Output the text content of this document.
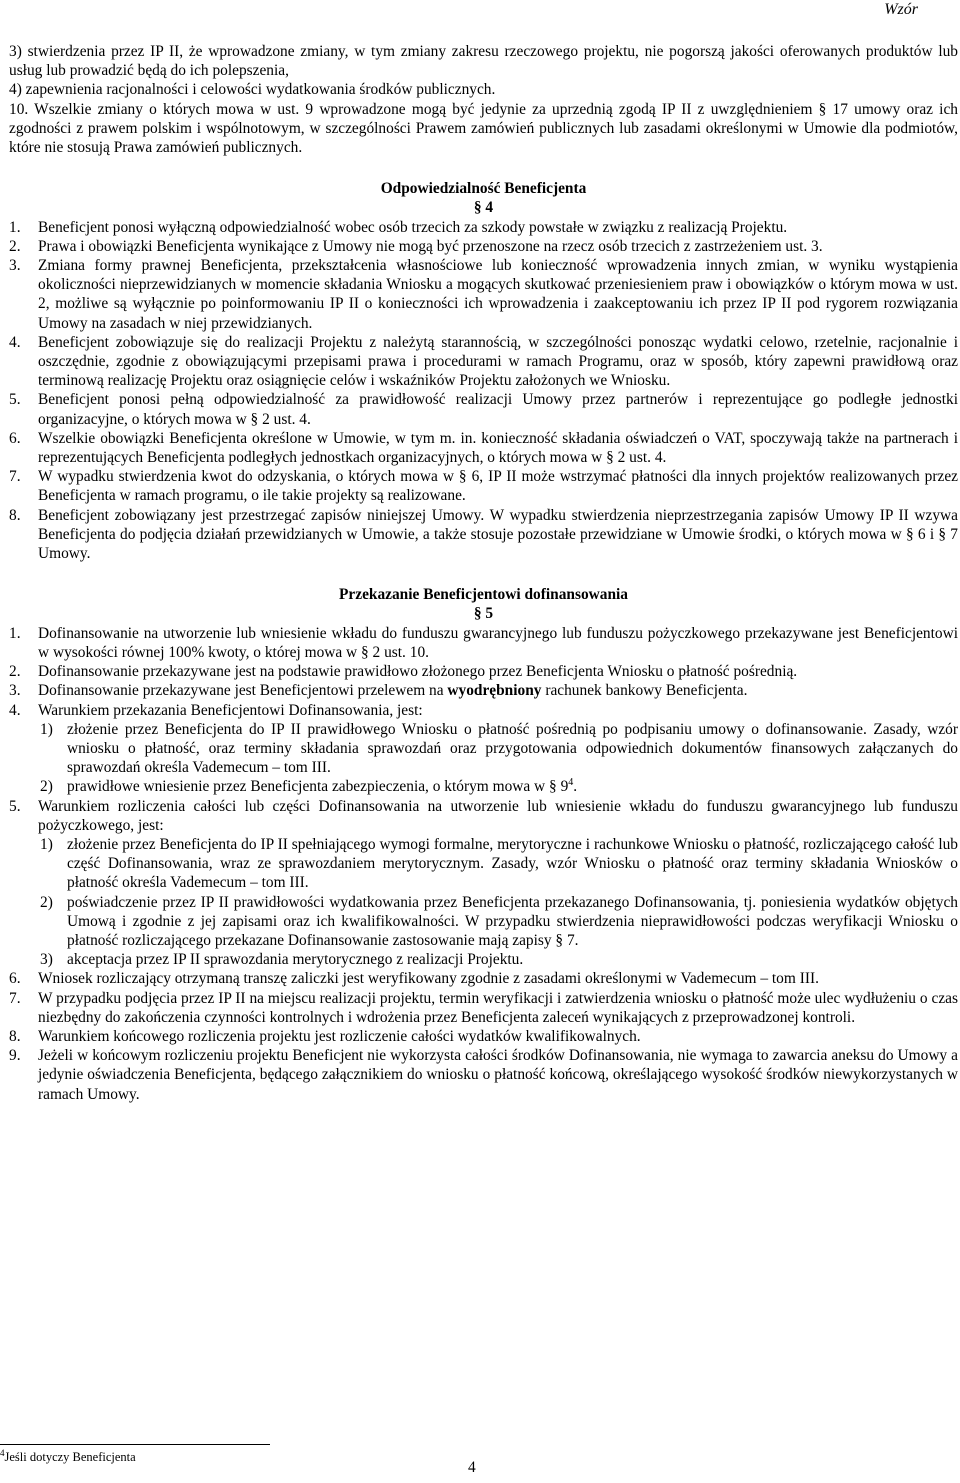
Wzór

3) stwierdzenia przez IP II, że wprowadzone zmiany, w tym zmiany zakresu rzeczowego projektu, nie pogorszą jakości oferowanych produktów lub usług lub prowadzić będą do ich polepszenia,

4) zapewnienia racjonalności i celowości wydatkowania środków publicznych.

10. Wszelkie zmiany o których mowa w ust. 9 wprowadzone mogą być jedynie za uprzednią zgodą IP II z uwzględnieniem § 17 umowy oraz ich zgodności z prawem polskim i wspólnotowym, w szczególności Prawem zamówień publicznych lub zasadami określonymi w Umowie dla podmiotów, które nie stosują Prawa zamówień publicznych.

Odpowiedzialność Beneficjenta
§ 4
1.	Beneficjent ponosi wyłączną odpowiedzialność wobec osób trzecich za szkody powstałe w związku z realizacją Projektu.
2.	Prawa i obowiązki Beneficjenta wynikające z Umowy nie mogą być przenoszone na rzecz osób trzecich z zastrzeżeniem ust. 3.
3.	Zmiana formy prawnej Beneficjenta, przekształcenia własnościowe lub konieczność wprowadzenia innych zmian, w wyniku wystąpienia okoliczności nieprzewidzianych w momencie składania Wniosku a mogących skutkować przeniesieniem praw i obowiązków o którym mowa w ust. 2, możliwe są wyłącznie po poinformowaniu IP II o konieczności ich wprowadzenia i zaakceptowaniu ich przez IP II pod rygorem rozwiązania Umowy na zasadach w niej przewidzianych.
4.	Beneficjent zobowiązuje się do realizacji Projektu z należytą starannością, w szczególności ponosząc wydatki celowo, rzetelnie, racjonalnie i oszczędnie, zgodnie z obowiązującymi przepisami prawa i procedurami w ramach Programu, oraz w sposób, który zapewni prawidłową oraz terminową realizację Projektu oraz osiągnięcie celów i wskaźników Projektu założonych we Wniosku.
5.	Beneficjent ponosi pełną odpowiedzialność za prawidłowość realizacji Umowy przez partnerów i reprezentujące go podległe jednostki organizacyjne, o których mowa w § 2 ust. 4.
6.	Wszelkie obowiązki Beneficjenta określone w Umowie, w tym m. in. konieczność składania oświadczeń o VAT, spoczywają także na partnerach i reprezentujących Beneficjenta podległych jednostkach organizacyjnych, o których mowa w § 2 ust. 4.
7.	W wypadku stwierdzenia kwot do odzyskania, o których mowa w § 6, IP II może wstrzymać płatności dla innych projektów realizowanych przez Beneficjenta w ramach programu, o ile takie projekty są realizowane.
8.	Beneficjent zobowiązany jest przestrzegać zapisów niniejszej Umowy. W wypadku stwierdzenia nieprzestrzegania zapisów Umowy IP II wzywa Beneficjenta do podjęcia działań przewidzianych w Umowie, a także stosuje pozostałe przewidziane w Umowie środki, o których mowa w § 6 i § 7 Umowy.
Przekazanie Beneficjentowi dofinansowania
§ 5
1.	Dofinansowanie na utworzenie lub wniesienie wkładu do funduszu gwarancyjnego lub funduszu pożyczkowego przekazywane jest Beneficjentowi w wysokości równej 100% kwoty, o której mowa w § 2 ust. 10.
2.	Dofinansowanie przekazywane jest na podstawie prawidłowo złożonego przez Beneficjenta Wniosku o płatność pośrednią.
3.	Dofinansowanie przekazywane jest Beneficjentowi przelewem na wyodrębniony rachunek bankowy Beneficjenta.
4.	Warunkiem przekazania Beneficjentowi Dofinansowania, jest:
1) złożenie przez Beneficjenta do IP II prawidłowego Wniosku o płatność pośrednią po podpisaniu umowy o dofinansowanie. Zasady, wzór wniosku o płatność, oraz terminy składania sprawozdań oraz przygotowania odpowiednich dokumentów finansowych załączanych do sprawozdań określa Vademecum – tom III.
2) prawidłowe wniesienie przez Beneficjenta zabezpieczenia, o którym mowa w § $9^4$.
5.	Warunkiem rozliczenia całości lub części Dofinansowania na utworzenie lub wniesienie wkładu do funduszu gwarancyjnego lub funduszu pożyczkowego, jest:
1) złożenie przez Beneficjenta do IP II spełniającego wymogi formalne, merytoryczne i rachunkowe Wniosku o płatność, rozliczającego całość lub część Dofinansowania, wraz ze sprawozdaniem merytorycznym. Zasady, wzór Wniosku o płatność oraz terminy składania Wniosków o płatność określa Vademecum – tom III.
2) poświadczenie przez IP II prawidłowości wydatkowania przez Beneficjenta przekazanego Dofinansowania, tj. poniesienia wydatków objętych Umową i zgodnie z jej zapisami oraz ich kwalifikowalności. W przypadku stwierdzenia nieprawidłowości podczas weryfikacji Wniosku o płatność rozliczającego przekazane Dofinansowanie zastosowanie mają zapisy § 7.
3) akceptacja przez IP II sprawozdania merytorycznego z realizacji Projektu.
6.	Wniosek rozliczający otrzymaną transzę zaliczki jest weryfikowany zgodnie z zasadami określonymi w Vademecum – tom III.
7.	W przypadku podjęcia przez IP II na miejscu realizacji projektu, termin weryfikacji i zatwierdzenia wniosku o płatność może ulec wydłużeniu o czas niezbędny do zakończenia czynności kontrolnych i wdrożenia przez Beneficjenta zaleceń wynikających z przeprowadzonej kontroli.
8.	Warunkiem końcowego rozliczenia projektu jest rozliczenie całości wydatków kwalifikowalnych.
9.	Jeżeli w końcowym rozliczeniu projektu Beneficjent nie wykorzysta całości środków Dofinansowania, nie wymaga to zawarcia aneksu do Umowy a jedynie oświadczenia Beneficjenta, będącego załącznikiem do wniosku o płatność końcową, określającego wysokość środków niewykorzystanych w ramach Umowy.
$^4$Jeśli dotyczy Beneficjenta
4
